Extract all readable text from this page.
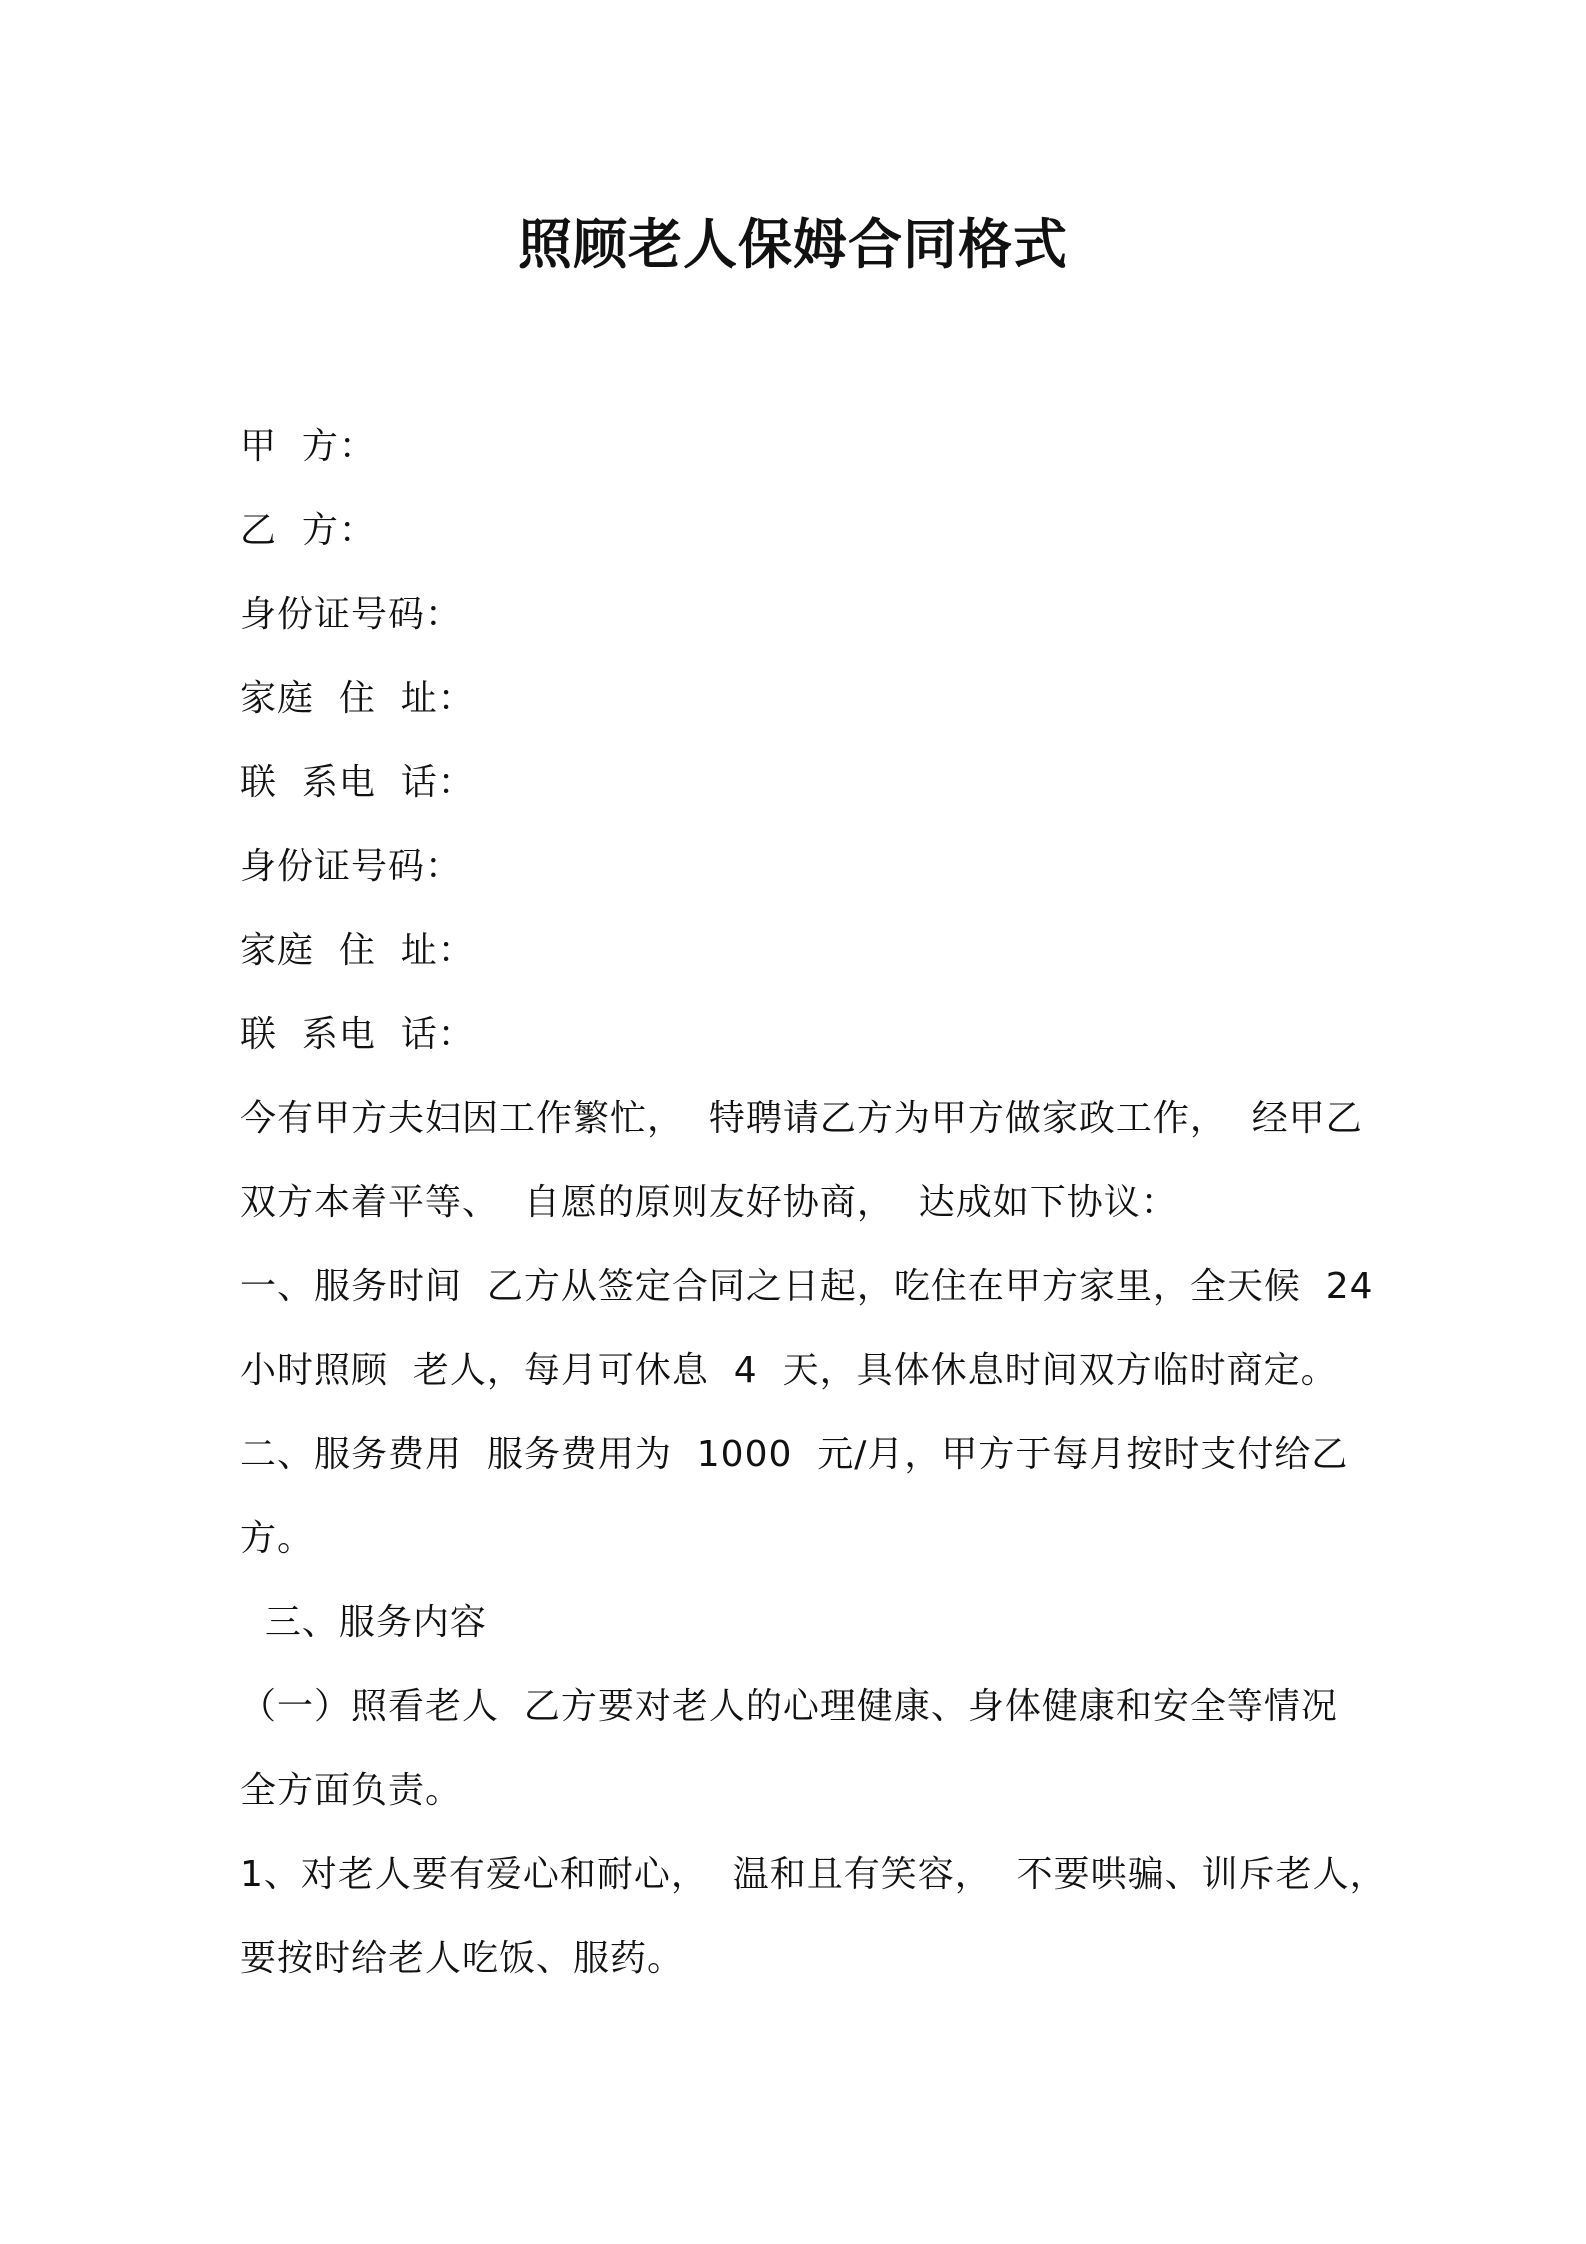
照顾老人保姆合同格式
甲  方：
乙  方：
身份证号码：
家庭  住  址：
联  系电  话：
身份证号码：
家庭  住  址：
联  系电  话：
今有甲方夫妇因工作繁忙，  特聘请乙方为甲方做家政工作，  经甲乙
双方本着平等、  自愿的原则友好协商，  达成如下协议：
一、服务时间  乙方从签定合同之日起，吃住在甲方家里，全天候  24
小时照顾  老人，每月可休息  4  天，具体休息时间双方临时商定。
二、服务费用  服务费用为  1000  元/月，甲方于每月按时支付给乙
方。
三、服务内容
（一）照看老人  乙方要对老人的心理健康、身体健康和安全等情况
全方面负责。
1、对老人要有爱心和耐心，  温和且有笑容，  不要哄骗、训斥老人，
要按时给老人吃饭、服药。
